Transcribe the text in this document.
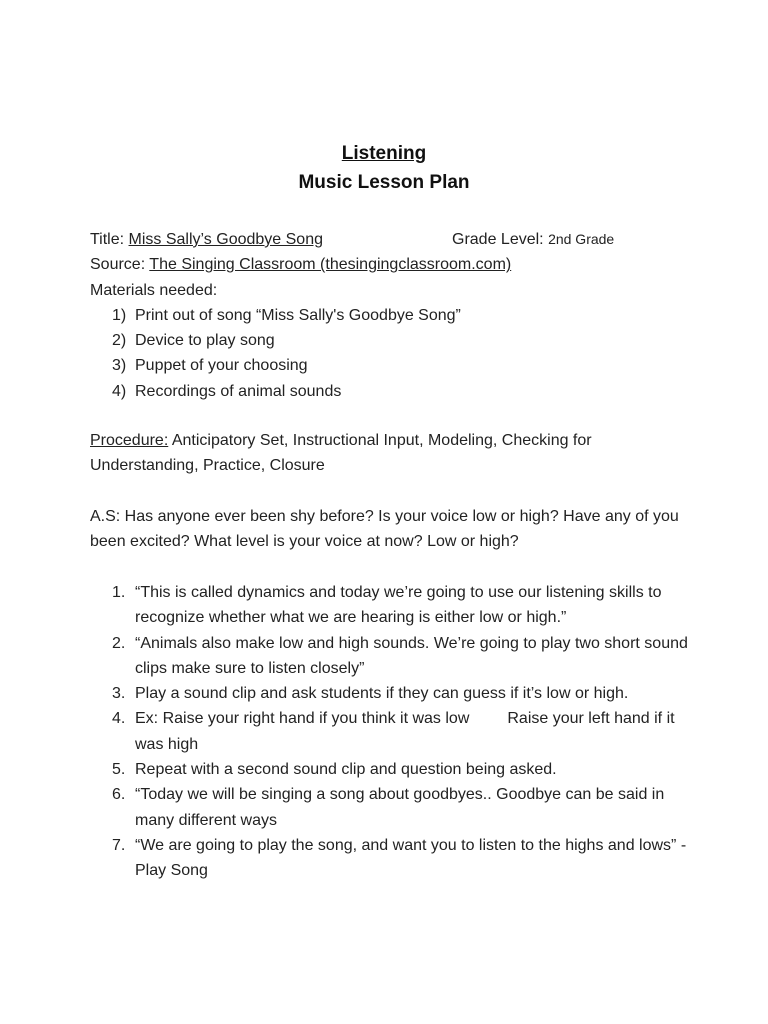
Listening
Music Lesson Plan
Title: Miss Sally’s Goodbye Song	Grade Level: 2nd Grade
Source: The Singing Classroom (thesingingclassroom.com)
Materials needed:
1) Print out of song “Miss Sally's Goodbye Song”
2) Device to play song
3) Puppet of your choosing
4) Recordings of animal sounds
Procedure: Anticipatory Set, Instructional Input, Modeling, Checking for Understanding, Practice, Closure
A.S: Has anyone ever been shy before? Is your voice low or high? Have any of you been excited? What level is your voice at now? Low or high?
1. “This is called dynamics and today we’re going to use our listening skills to recognize whether what we are hearing is either low or high.”
2. “Animals also make low and high sounds. We’re going to play two short sound clips make sure to listen closely”
3. Play a sound clip and ask students if they can guess if it’s low or high.
4. Ex: Raise your right hand if you think it was low Raise your left hand if it was high
5. Repeat with a second sound clip and question being asked.
6. “Today we will be singing a song about goodbyes.. Goodbye can be said in many different ways
7. “We are going to play the song, and want you to listen to the highs and lows” -Play Song
